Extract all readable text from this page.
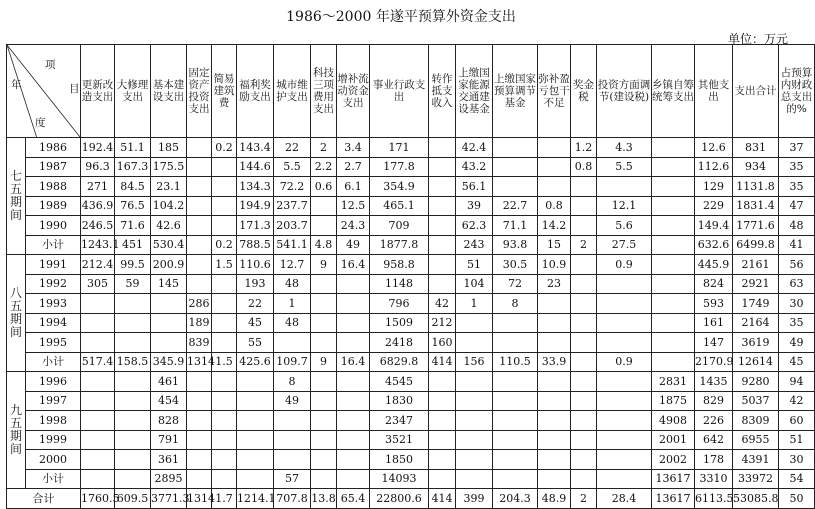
1986～2000 年遂平预算外资金支出
单位：万元
项
目
年
度		更新改造支出	大修理支出	基本建设支出	固定资产投资支出	简易建筑费	福利奖励支出	城市维护支出	科技三项费用支出	增补流动资金支出	事业行政支出	转作抵支收入	上缴国家能源交通建设基金	上缴国家预算调节基金	弥补盈亏包干不足	奖金税	投资方面调节(建设税)	乡镇自筹统筹支出	其他支出	支出合计	占预算内财政总支出的%

七
五
期
间	1986	192.4	51.1	185		0.2	143.4	22	2	3.4	171		42.4			1.2	4.3		12.6	831	37
	1987	96.3	167.3	175.5			144.6	5.5	2.2	2.7	177.8		43.2			0.8	5.5		112.6	934	35
	1988	271	84.5	23.1			134.3	72.2	0.6	6.1	354.9		56.1						129	1131.8	35
	1989	436.9	76.5	104.2			194.9	237.7		12.5	465.1		39	22.7	0.8		12.1		229	1831.4	47
	1990	246.5	71.6	42.6			171.3	203.7		24.3	709		62.3	71.1	14.2		5.6		149.4	1771.6	48
	小计	1243.1	451	530.4		0.2	788.5	541.1	4.8	49	1877.8		243	93.8	15	2	27.5		632.6	6499.8	41

八
五
期
间	1991	212.4	99.5	200.9		1.5	110.6	12.7	9	16.4	958.8		51	30.5	10.9		0.9		445.9	2161	56
	1992	305	59	145			193	48			1148		104	72	23				824	2921	63
	1993				286		22	1			796	42	1	8					593	1749	30
	1994				189		45	48			1509	212							161	2164	35
	1995				839		55				2418	160							147	3619	49
	小计	517.4	158.5	345.9	1314	1.5	425.6	109.7	9	16.4	6829.8	414	156	110.5	33.9		0.9		2170.9	12614	45

九
五
期
间	1996			461				8			4545							2831	1435	9280	94
	1997			454				49			1830							1875	829	5037	42
	1998			828							2347							4908	226	8309	60
	1999			791							3521							2001	642	6955	51
	2000			361							1850							2002	178	4391	30
	小计			2895				57			14093							13617	3310	33972	54
合计		1760.5	609.5	3771.3	1314	1.7	1214.1	707.8	13.8	65.4	22800.6	414	399	204.3	48.9	2	28.4	13617	6113.5	53085.8	50
